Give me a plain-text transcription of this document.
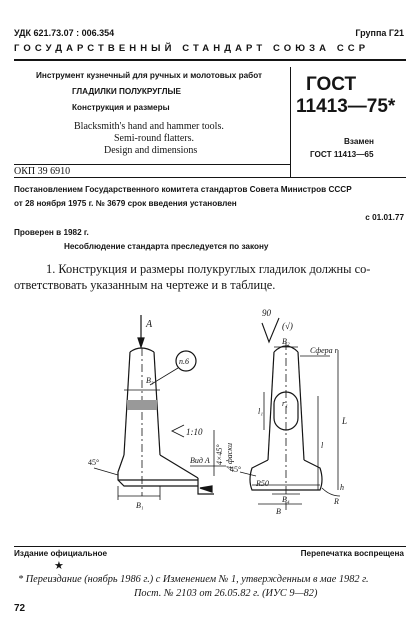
УДК 621.73.07 : 006.354	Группа Г21
ГОСУДАРСТВЕННЫЙ СТАНДАРТ СОЮЗА ССР
Инструмент кузнечный для ручных и молотовых работ
ГЛАДИЛКИ ПОЛУКРУГЛЫЕ
Конструкция и размеры
Blacksmith's hand and hammer tools.
Semi-round flatters.
Design and dimensions
ГОСТ
11413—75*
Взамен
ГОСТ 11413—65
ОКП 39 6910
Постановлением Государственного комитета стандартов Совета Министров СССР
от 28 ноября 1975 г. № 3679 срок введения установлен
с 01.01.77
Проверен в 1982 г.
Несоблюдение стандарта преследуется по закону
1. Конструкция и размеры полукруглых гладилок должны со-
ответствовать указанным на чертеже и в таблице.
А
п.6
B₃
1:10
45°
B₁
Вид А 4×45° 4 фаски
90
(√)
Сфера r
B₂
r₁
l₁
L
l
45°
R50
B
B₄	R
h
Издание официальное	Перепечатка воспрещена
★
* Переиздание (ноябрь 1986 г.) с Изменением № 1, утвержденным в мае 1982 г.
Пост. № 2103 от 26.05.82 г. (ИУС 9—82)
72
